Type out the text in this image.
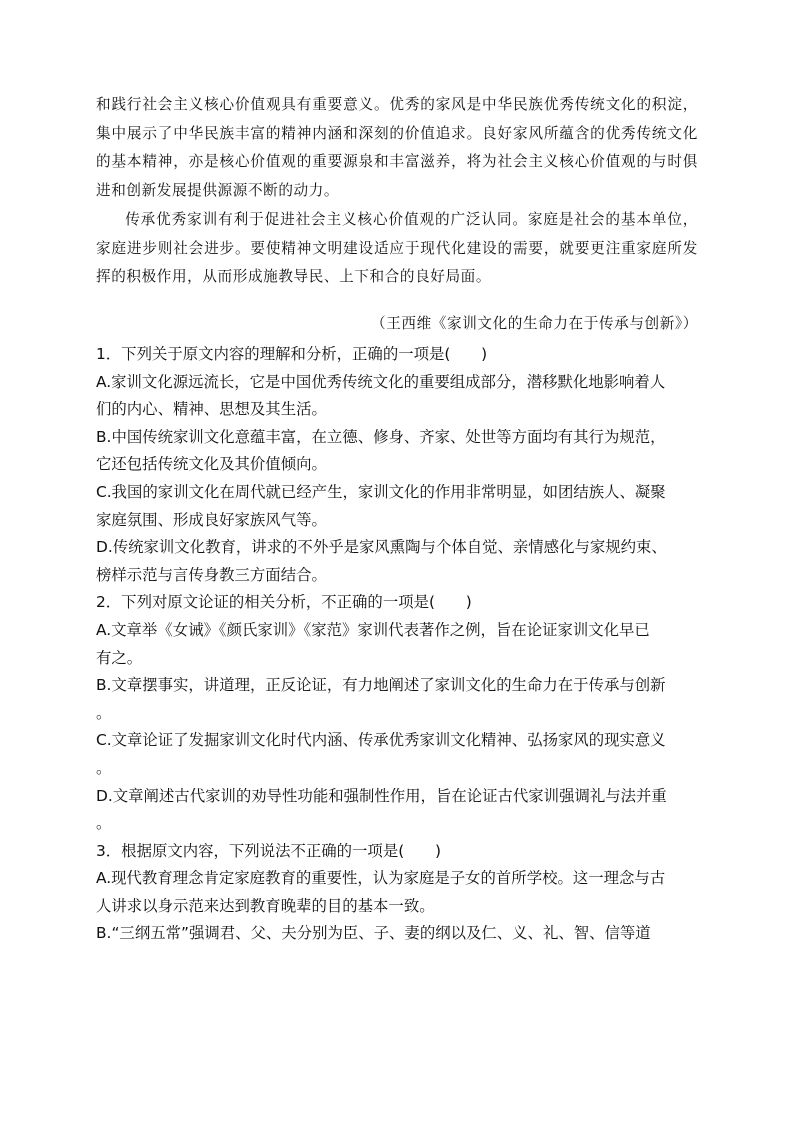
和践行社会主义核心价值观具有重要意义。优秀的家风是中华民族优秀传统文化的积淀，集中展示了中华民族丰富的精神内涵和深刻的价值追求。良好家风所蕴含的优秀传统文化的基本精神，亦是核心价值观的重要源泉和丰富滋养，将为社会主义核心价值观的与时俱进和创新发展提供源源不断的动力。

传承优秀家训有利于促进社会主义核心价值观的广泛认同。家庭是社会的基本单位，家庭进步则社会进步。要使精神文明建设适应于现代化建设的需要，就要更注重家庭所发挥的积极作用，从而形成施教导民、上下和合的良好局面。

（王西维《家训文化的生命力在于传承与创新》）
1．下列关于原文内容的理解和分析，正确的一项是(　　)
A.家训文化源远流长，它是中国优秀传统文化的重要组成部分，潜移默化地影响着人
们的内心、精神、思想及其生活。
B.中国传统家训文化意蕴丰富，在立德、修身、齐家、处世等方面均有其行为规范，
它还包括传统文化及其价值倾向。
C.我国的家训文化在周代就已经产生，家训文化的作用非常明显，如团结族人、凝聚
家庭氛围、形成良好家族风气等。
D.传统家训文化教育，讲求的不外乎是家风熏陶与个体自觉、亲情感化与家规约束、
榜样示范与言传身教三方面结合。
2．下列对原文论证的相关分析，不正确的一项是(　　)
A.文章举《女诫》《颜氏家训》《家范》家训代表著作之例，旨在论证家训文化早已
有之。
B.文章摆事实，讲道理，正反论证，有力地阐述了家训文化的生命力在于传承与创新
。
C.文章论证了发掘家训文化时代内涵、传承优秀家训文化精神、弘扬家风的现实意义
。
D.文章阐述古代家训的劝导性功能和强制性作用，旨在论证古代家训强调礼与法并重
。
3．根据原文内容，下列说法不正确的一项是(　　)
A.现代教育理念肯定家庭教育的重要性，认为家庭是子女的首所学校。这一理念与古
人讲求以身示范来达到教育晚辈的目的基本一致。
B.“三纲五常”强调君、父、夫分别为臣、子、妻的纲以及仁、义、礼、智、信等道
